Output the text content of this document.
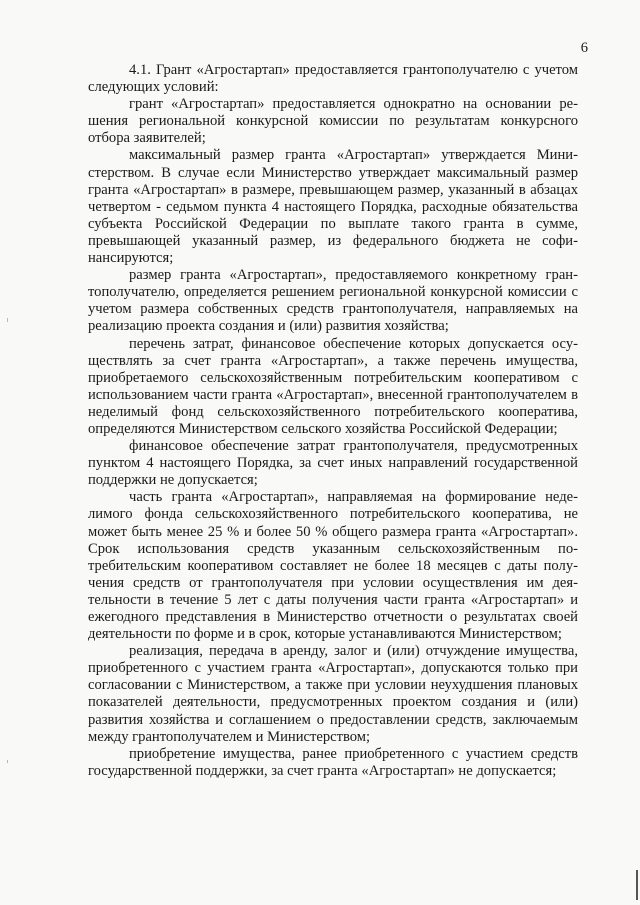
6

4.1. Грант «Агростартап» предоставляется грантополучателю с учетом следующих условий:

грант «Агростартап» предоставляется однократно на основании решения региональной конкурсной комиссии по результатам конкурсного отбора заявителей;

максимальный размер гранта «Агростартап» утверждается Министерством. В случае если Министерство утверждает максимальный размер гранта «Агростартап» в размере, превышающем размер, указанный в абзацах четвертом - седьмом пункта 4 настоящего Порядка, расходные обязательства субъекта Российской Федерации по выплате такого гранта в сумме, превышающей указанный размер, из федерального бюджета не софинансируются;

размер гранта «Агростартап», предоставляемого конкретному грантополучателю, определяется решением региональной конкурсной комиссии с учетом размера собственных средств грантополучателя, направляемых на реализацию проекта создания и (или) развития хозяйства;

перечень затрат, финансовое обеспечение которых допускается осуществлять за счет гранта «Агростартап», а также перечень имущества, приобретаемого сельскохозяйственным потребительским кооперативом с использованием части гранта «Агростартап», внесенной грантополучателем в неделимый фонд сельскохозяйственного потребительского кооператива, определяются Министерством сельского хозяйства Российской Федерации;

финансовое обеспечение затрат грантополучателя, предусмотренных пунктом 4 настоящего Порядка, за счет иных направлений государственной поддержки не допускается;

часть гранта «Агростартап», направляемая на формирование неделимого фонда сельскохозяйственного потребительского кооператива, не может быть менее 25 % и более 50 % общего размера гранта «Агростартап». Срок использования средств указанным сельскохозяйственным потребительским кооперативом составляет не более 18 месяцев с даты получения средств от грантополучателя при условии осуществления им деятельности в течение 5 лет с даты получения части гранта «Агростартап» и ежегодного представления в Министерство отчетности о результатах своей деятельности по форме и в срок, которые устанавливаются Министерством;

реализация, передача в аренду, залог и (или) отчуждение имущества, приобретенного с участием гранта «Агростартап», допускаются только при согласовании с Министерством, а также при условии неухудшения плановых показателей деятельности, предусмотренных проектом создания и (или) развития хозяйства и соглашением о предоставлении средств, заключаемым между грантополучателем и Министерством;

приобретение имущества, ранее приобретенного с участием средств государственной поддержки, за счет гранта «Агростартап» не допускается;
